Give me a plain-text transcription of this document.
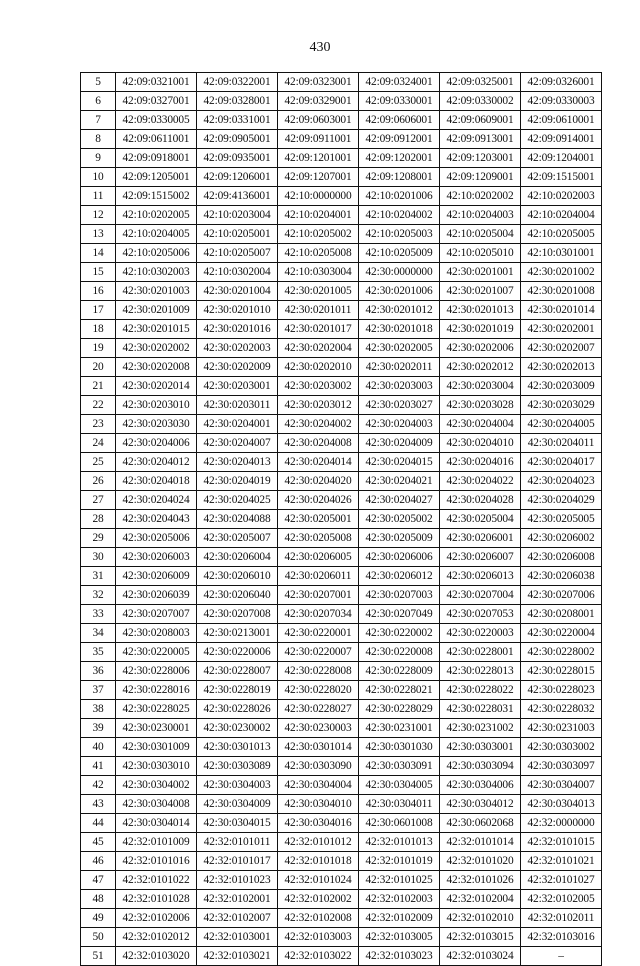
430
5	42:09:0321001	42:09:0322001	42:09:0323001	42:09:0324001	42:09:0325001	42:09:0326001
6	42:09:0327001	42:09:0328001	42:09:0329001	42:09:0330001	42:09:0330002	42:09:0330003
7	42:09:0330005	42:09:0331001	42:09:0603001	42:09:0606001	42:09:0609001	42:09:0610001
8	42:09:0611001	42:09:0905001	42:09:0911001	42:09:0912001	42:09:0913001	42:09:0914001
9	42:09:0918001	42:09:0935001	42:09:1201001	42:09:1202001	42:09:1203001	42:09:1204001
10	42:09:1205001	42:09:1206001	42:09:1207001	42:09:1208001	42:09:1209001	42:09:1515001
11	42:09:1515002	42:09:4136001	42:10:0000000	42:10:0201006	42:10:0202002	42:10:0202003
12	42:10:0202005	42:10:0203004	42:10:0204001	42:10:0204002	42:10:0204003	42:10:0204004
13	42:10:0204005	42:10:0205001	42:10:0205002	42:10:0205003	42:10:0205004	42:10:0205005
14	42:10:0205006	42:10:0205007	42:10:0205008	42:10:0205009	42:10:0205010	42:10:0301001
15	42:10:0302003	42:10:0302004	42:10:0303004	42:30:0000000	42:30:0201001	42:30:0201002
16	42:30:0201003	42:30:0201004	42:30:0201005	42:30:0201006	42:30:0201007	42:30:0201008
17	42:30:0201009	42:30:0201010	42:30:0201011	42:30:0201012	42:30:0201013	42:30:0201014
18	42:30:0201015	42:30:0201016	42:30:0201017	42:30:0201018	42:30:0201019	42:30:0202001
19	42:30:0202002	42:30:0202003	42:30:0202004	42:30:0202005	42:30:0202006	42:30:0202007
20	42:30:0202008	42:30:0202009	42:30:0202010	42:30:0202011	42:30:0202012	42:30:0202013
21	42:30:0202014	42:30:0203001	42:30:0203002	42:30:0203003	42:30:0203004	42:30:0203009
22	42:30:0203010	42:30:0203011	42:30:0203012	42:30:0203027	42:30:0203028	42:30:0203029
23	42:30:0203030	42:30:0204001	42:30:0204002	42:30:0204003	42:30:0204004	42:30:0204005
24	42:30:0204006	42:30:0204007	42:30:0204008	42:30:0204009	42:30:0204010	42:30:0204011
25	42:30:0204012	42:30:0204013	42:30:0204014	42:30:0204015	42:30:0204016	42:30:0204017
26	42:30:0204018	42:30:0204019	42:30:0204020	42:30:0204021	42:30:0204022	42:30:0204023
27	42:30:0204024	42:30:0204025	42:30:0204026	42:30:0204027	42:30:0204028	42:30:0204029
28	42:30:0204043	42:30:0204088	42:30:0205001	42:30:0205002	42:30:0205004	42:30:0205005
29	42:30:0205006	42:30:0205007	42:30:0205008	42:30:0205009	42:30:0206001	42:30:0206002
30	42:30:0206003	42:30:0206004	42:30:0206005	42:30:0206006	42:30:0206007	42:30:0206008
31	42:30:0206009	42:30:0206010	42:30:0206011	42:30:0206012	42:30:0206013	42:30:0206038
32	42:30:0206039	42:30:0206040	42:30:0207001	42:30:0207003	42:30:0207004	42:30:0207006
33	42:30:0207007	42:30:0207008	42:30:0207034	42:30:0207049	42:30:0207053	42:30:0208001
34	42:30:0208003	42:30:0213001	42:30:0220001	42:30:0220002	42:30:0220003	42:30:0220004
35	42:30:0220005	42:30:0220006	42:30:0220007	42:30:0220008	42:30:0228001	42:30:0228002
36	42:30:0228006	42:30:0228007	42:30:0228008	42:30:0228009	42:30:0228013	42:30:0228015
37	42:30:0228016	42:30:0228019	42:30:0228020	42:30:0228021	42:30:0228022	42:30:0228023
38	42:30:0228025	42:30:0228026	42:30:0228027	42:30:0228029	42:30:0228031	42:30:0228032
39	42:30:0230001	42:30:0230002	42:30:0230003	42:30:0231001	42:30:0231002	42:30:0231003
40	42:30:0301009	42:30:0301013	42:30:0301014	42:30:0301030	42:30:0303001	42:30:0303002
41	42:30:0303010	42:30:0303089	42:30:0303090	42:30:0303091	42:30:0303094	42:30:0303097
42	42:30:0304002	42:30:0304003	42:30:0304004	42:30:0304005	42:30:0304006	42:30:0304007
43	42:30:0304008	42:30:0304009	42:30:0304010	42:30:0304011	42:30:0304012	42:30:0304013
44	42:30:0304014	42:30:0304015	42:30:0304016	42:30:0601008	42:30:0602068	42:32:0000000
45	42:32:0101009	42:32:0101011	42:32:0101012	42:32:0101013	42:32:0101014	42:32:0101015
46	42:32:0101016	42:32:0101017	42:32:0101018	42:32:0101019	42:32:0101020	42:32:0101021
47	42:32:0101022	42:32:0101023	42:32:0101024	42:32:0101025	42:32:0101026	42:32:0101027
48	42:32:0101028	42:32:0102001	42:32:0102002	42:32:0102003	42:32:0102004	42:32:0102005
49	42:32:0102006	42:32:0102007	42:32:0102008	42:32:0102009	42:32:0102010	42:32:0102011
50	42:32:0102012	42:32:0103001	42:32:0103003	42:32:0103005	42:32:0103015	42:32:0103016
51	42:32:0103020	42:32:0103021	42:32:0103022	42:32:0103023	42:32:0103024	–
